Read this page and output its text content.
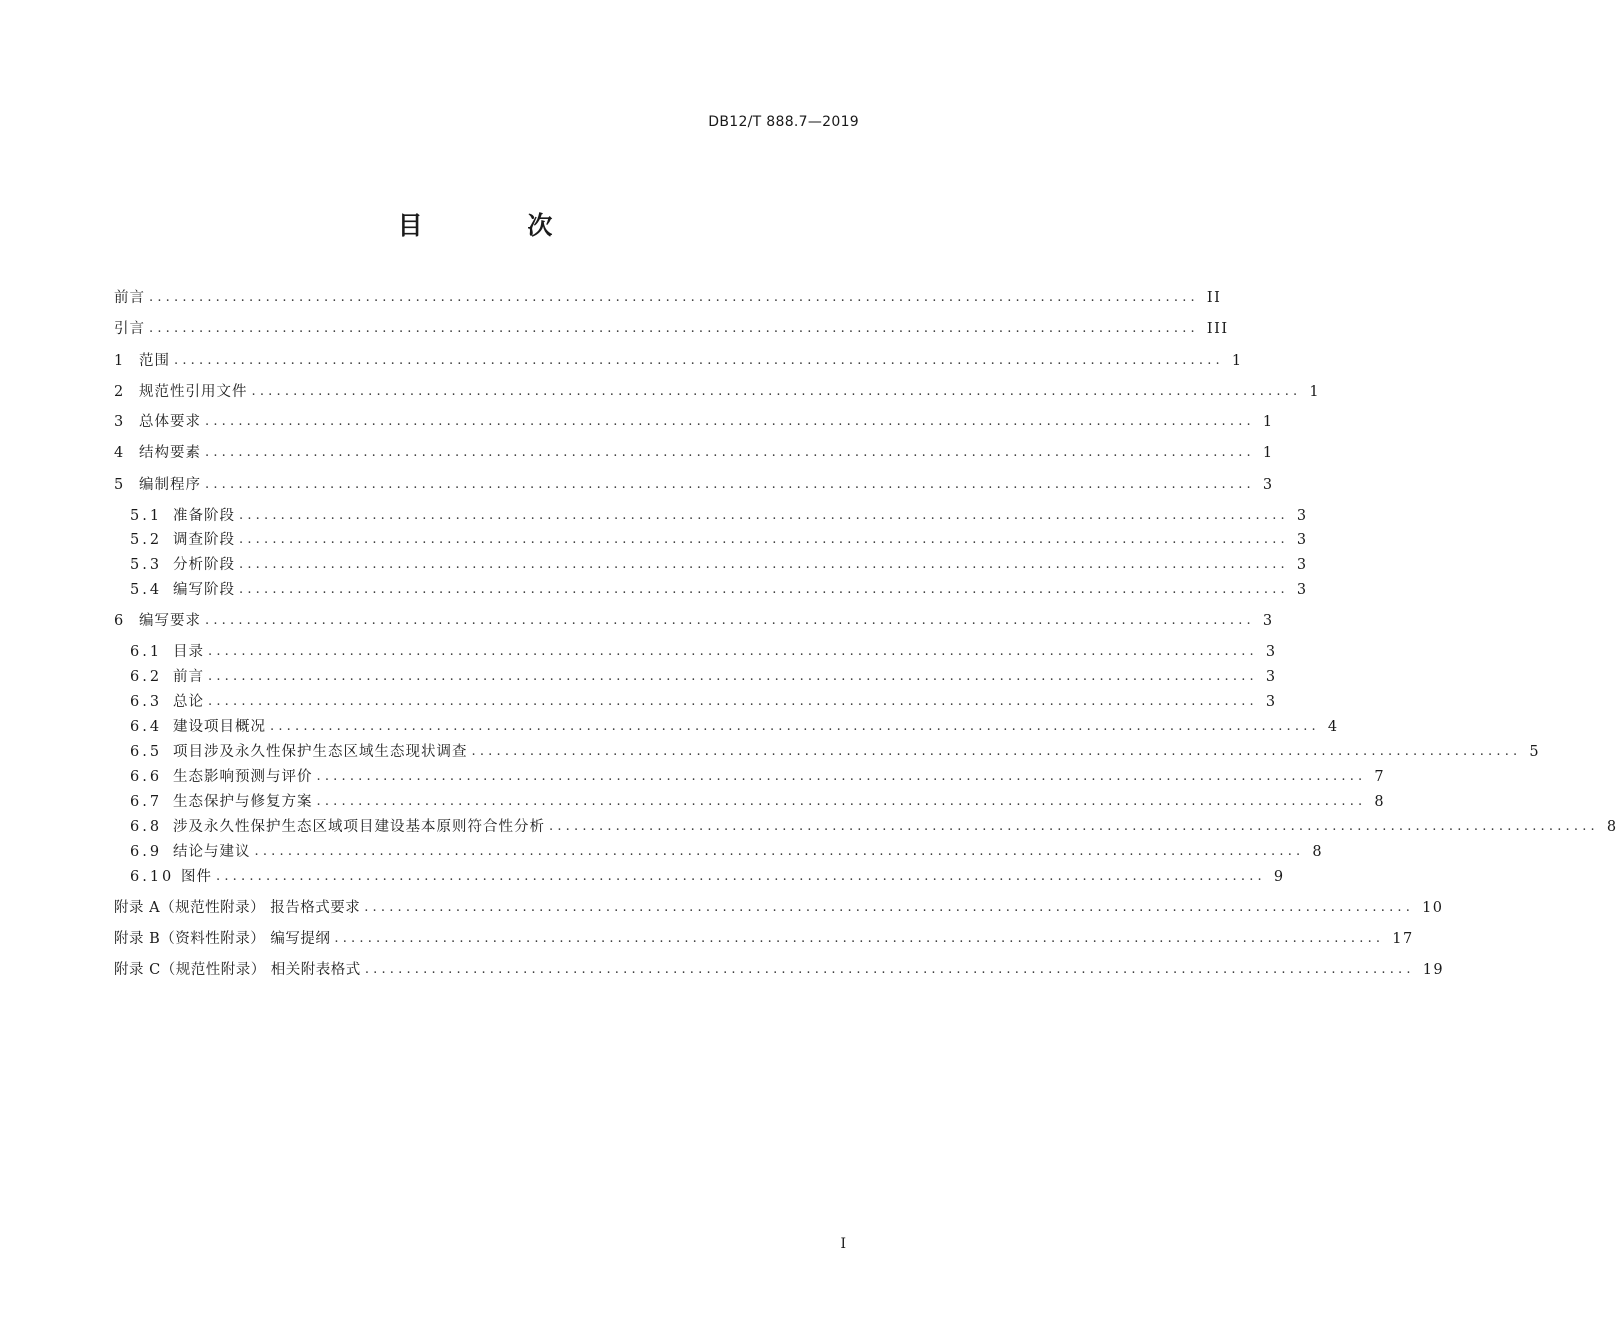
DB12/T 888.7—2019
目 次
前言 .............................................................................................................................. II
引言 .............................................................................................................................. III
1 范围 .............................................................................................................................. 1
2 规范性引用文件 .............................................................................................................................. 1
3 总体要求 .............................................................................................................................. 1
4 结构要素 .............................................................................................................................. 1
5 编制程序 .............................................................................................................................. 3
5.1 准备阶段 .............................................................................................................................. 3
5.2 调查阶段 .............................................................................................................................. 3
5.3 分析阶段 .............................................................................................................................. 3
5.4 编写阶段 .............................................................................................................................. 3
6 编写要求 .............................................................................................................................. 3
6.1 目录 .............................................................................................................................. 3
6.2 前言 .............................................................................................................................. 3
6.3 总论 .............................................................................................................................. 3
6.4 建设项目概况 .............................................................................................................................. 4
6.5 项目涉及永久性保护生态区域生态现状调查 .............................................................................................................................. 5
6.6 生态影响预测与评价 .............................................................................................................................. 7
6.7 生态保护与修复方案 .............................................................................................................................. 8
6.8 涉及永久性保护生态区域项目建设基本原则符合性分析 .............................................................................................................................. 8
6.9 结论与建议 .............................................................................................................................. 8
6.10 图件 .............................................................................................................................. 9
附录 A（规范性附录） 报告格式要求 .............................................................................................................................. 10
附录 B（资料性附录） 编写提纲 .............................................................................................................................. 17
附录 C（规范性附录） 相关附表格式 .............................................................................................................................. 19
I
